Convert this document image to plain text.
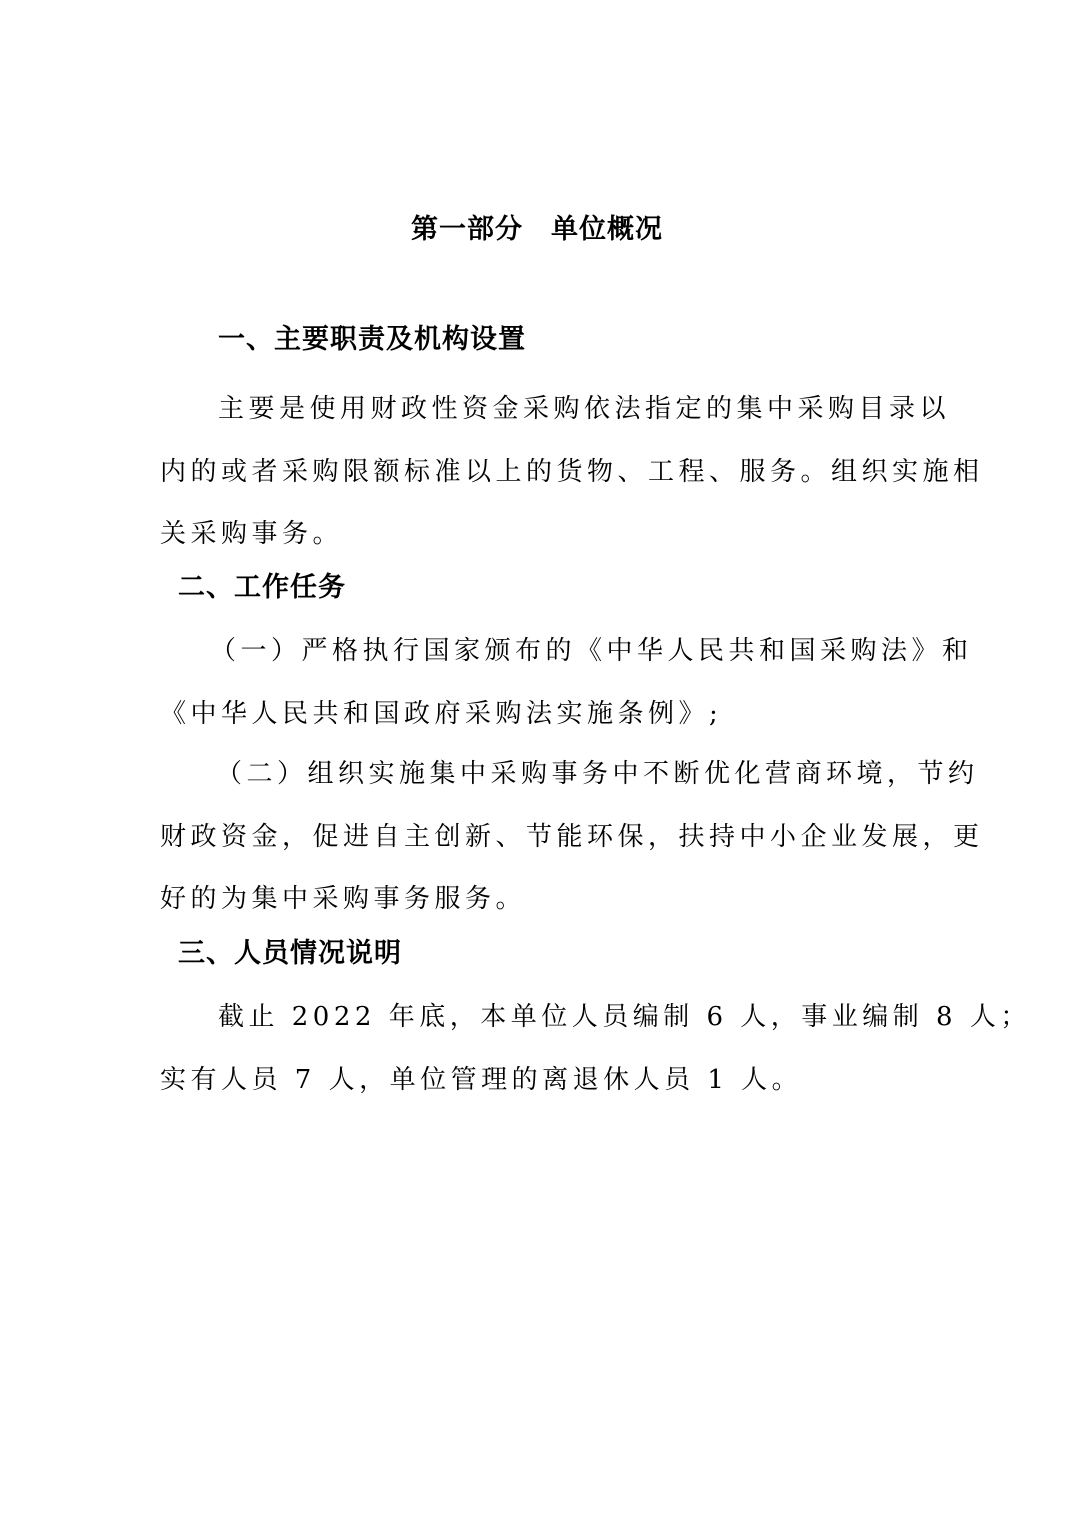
第一部分　单位概况
一、主要职责及机构设置
主要是使用财政性资金采购依法指定的集中采购目录以
内的或者采购限额标准以上的货物、工程、服务。组织实施相
关采购事务。
二、工作任务
（一）严格执行国家颁布的《中华人民共和国采购法》和
《中华人民共和国政府采购法实施条例》;
（二）组织实施集中采购事务中不断优化营商环境，节约
财政资金，促进自主创新、节能环保，扶持中小企业发展，更
好的为集中采购事务服务。
三、人员情况说明
截止 2022 年底，本单位人员编制 6 人，事业编制 8 人；
实有人员 7 人，单位管理的离退休人员 1 人。
